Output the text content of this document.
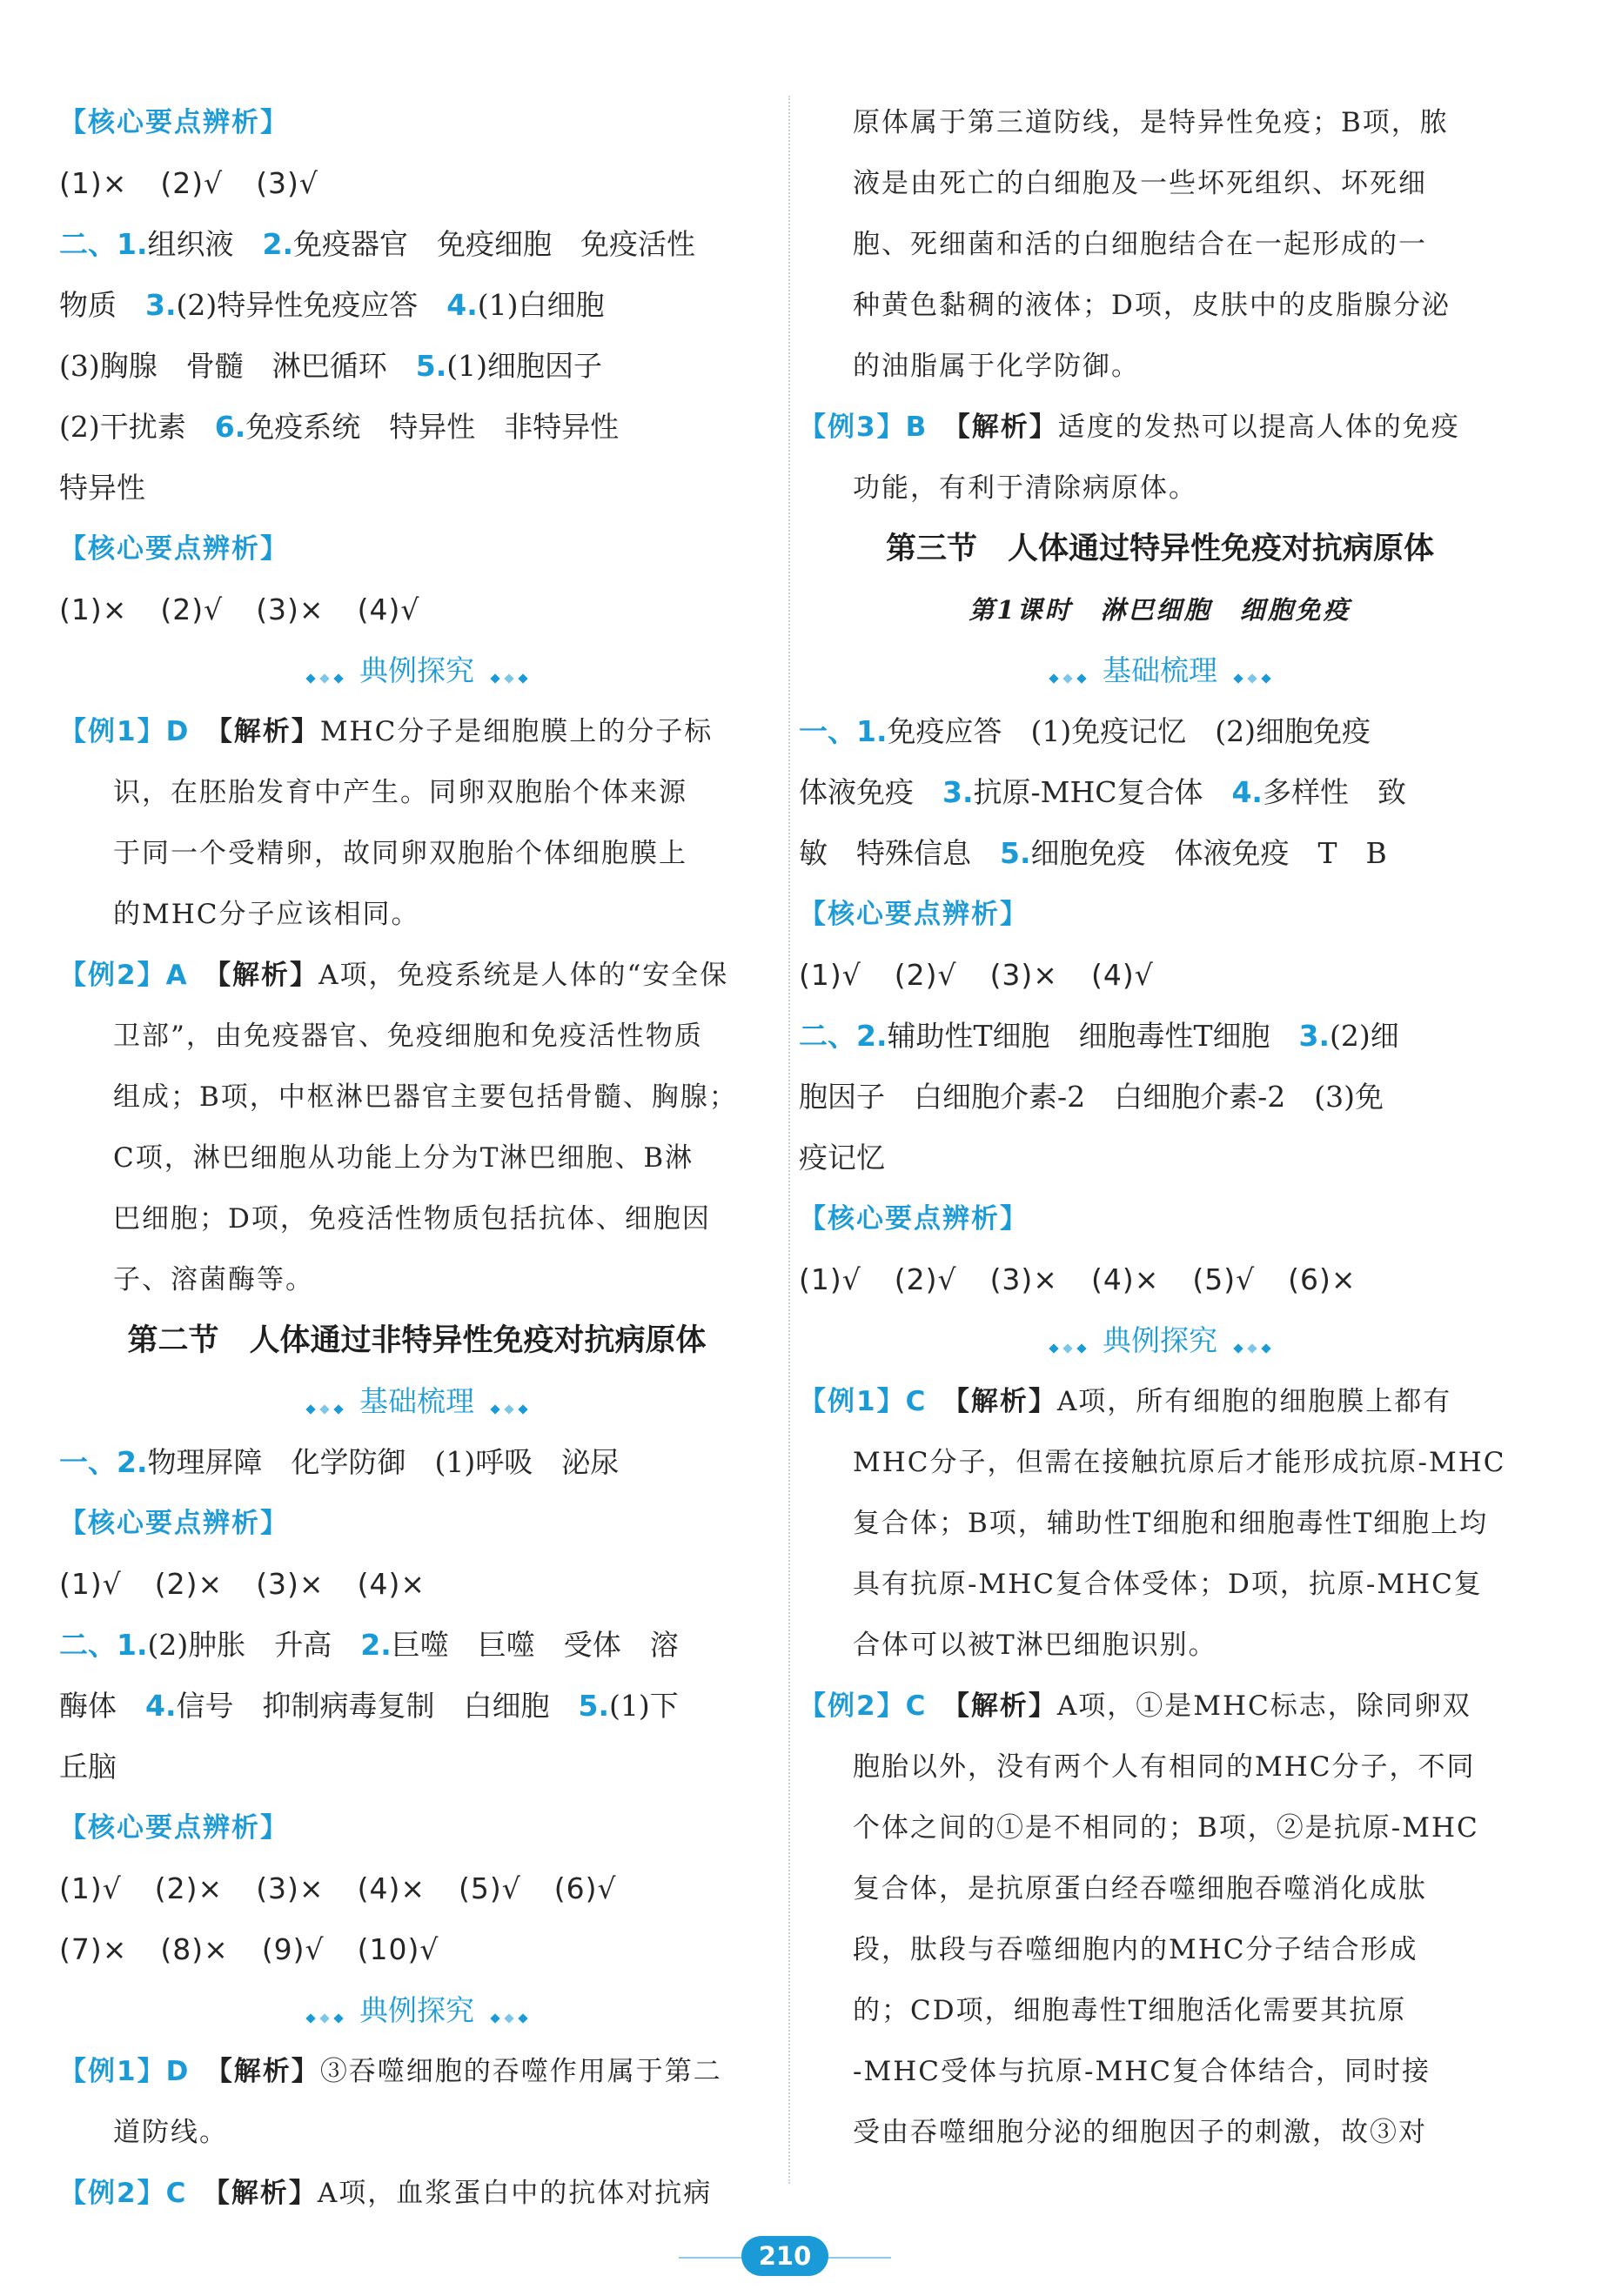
【核心要点辨析】
(1)× (2)√ (3)√
二、1.组织液　 2.免疫器官　免疫细胞　免疫活性
物质　 3.(2)特异性免疫应答　 4.(1)白细胞
(3)胸腺　骨髓　淋巴循环　 5.(1)细胞因子
(2)干扰素　 6.免疫系统　特异性　非特异性
特异性
【核心要点辨析】
(1)× (2)√ (3)× (4)√
典例探究
【例1】D　 【解析】MHC分子是细胞膜上的分子标
识，在胚胎发育中产生。同卵双胞胎个体来源
于同一个受精卵，故同卵双胞胎个体细胞膜上
的MHC分子应该相同。
【例2】A　 【解析】A项，免疫系统是人体的“安全保
卫部”，由免疫器官、免疫细胞和免疫活性物质
组成；B项，中枢淋巴器官主要包括骨髓、胸腺；
C项，淋巴细胞从功能上分为T淋巴细胞、B淋
巴细胞；D项，免疫活性物质包括抗体、细胞因
子、溶菌酶等。
第二节　人体通过非特异性免疫对抗病原体
基础梳理
一、2.物理屏障　化学防御　(1)呼吸　泌尿
【核心要点辨析】
(1)√ (2)× (3)× (4)×
二、1.(2)肿胀　升高　 2.巨噬　巨噬　受体　溶
酶体　 4.信号　抑制病毒复制　白细胞　 5.(1)下
丘脑
【核心要点辨析】
(1)√ (2)× (3)× (4)× (5)√ (6)√
(7)× (8)× (9)√ (10)√
典例探究
【例1】D　 【解析】③吞噬细胞的吞噬作用属于第二
道防线。
【例2】C　 【解析】A项，血浆蛋白中的抗体对抗病
原体属于第三道防线，是特异性免疫；B项，脓
液是由死亡的白细胞及一些坏死组织、坏死细
胞、死细菌和活的白细胞结合在一起形成的一
种黄色黏稠的液体；D项，皮肤中的皮脂腺分泌
的油脂属于化学防御。
【例3】B　 【解析】适度的发热可以提高人体的免疫
功能，有利于清除病原体。
第三节　人体通过特异性免疫对抗病原体
第1课时　淋巴细胞　细胞免疫
基础梳理
一、1.免疫应答　(1)免疫记忆　(2)细胞免疫
体液免疫　 3.抗原-MHC复合体　 4.多样性　致
敏　特殊信息　 5.细胞免疫　体液免疫　T　B
【核心要点辨析】
(1)√ (2)√ (3)× (4)√
二、2.辅助性T细胞　细胞毒性T细胞　 3.(2)细
胞因子　白细胞介素-2　白细胞介素-2　(3)免
疫记忆
【核心要点辨析】
(1)√ (2)√ (3)× (4)× (5)√ (6)×
典例探究
【例1】C　 【解析】A项，所有细胞的细胞膜上都有
MHC分子，但需在接触抗原后才能形成抗原-MHC
复合体；B项，辅助性T细胞和细胞毒性T细胞上均
具有抗原-MHC复合体受体；D项，抗原-MHC复
合体可以被T淋巴细胞识别。
【例2】C　 【解析】A项，①是MHC标志，除同卵双
胞胎以外，没有两个人有相同的MHC分子，不同
个体之间的①是不相同的；B项，②是抗原-MHC
复合体，是抗原蛋白经吞噬细胞吞噬消化成肽
段，肽段与吞噬细胞内的MHC分子结合形成
的；CD项，细胞毒性T细胞活化需要其抗原
-MHC受体与抗原-MHC复合体结合，同时接
受由吞噬细胞分泌的细胞因子的刺激，故③对
210
